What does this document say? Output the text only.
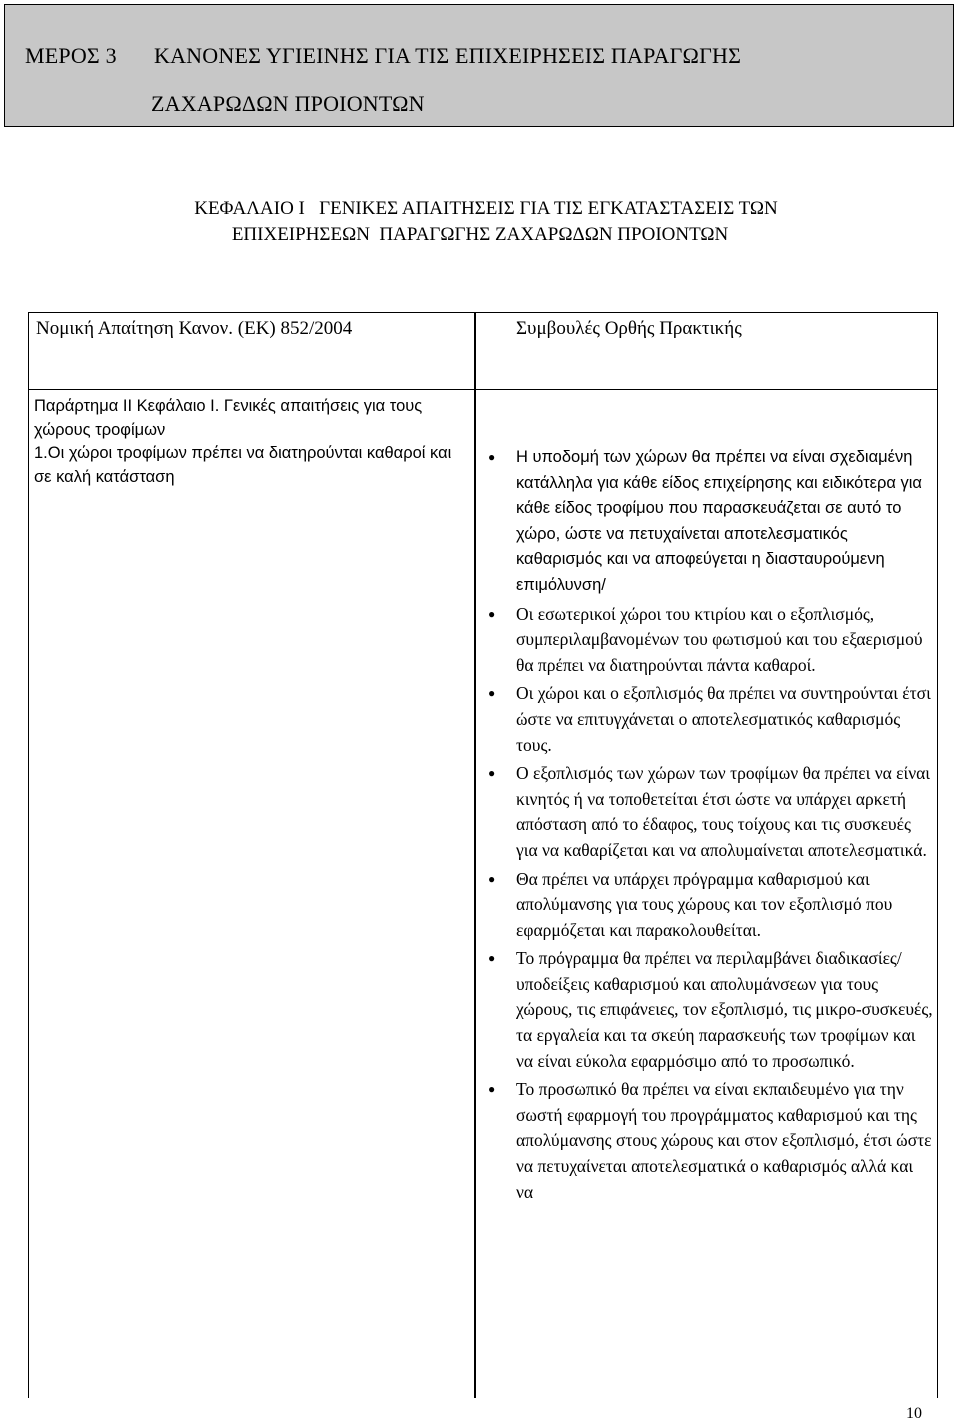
ΜΕΡΟΣ 3 ΚΑΝΟΝΕΣ ΥΓΙΕΙΝΗΣ ΓΙΑ ΤΙΣ ΕΠΙΧΕΙΡΗΣΕΙΣ ΠΑΡΑΓΩΓΗΣ
ΖΑΧΑΡΩΔΩΝ ΠΡΟΙΟΝΤΩΝ
ΚΕΦΑΛΑΙΟ Ι   ΓΕΝΙΚΕΣ ΑΠΑΙΤΗΣΕΙΣ ΓΙΑ ΤΙΣ ΕΓΚΑΤΑΣΤΑΣΕΙΣ ΤΩΝ
ΕΠΙΧΕΙΡΗΣΕΩΝ  ΠΑΡΑΓΩΓΗΣ ΖΑΧΑΡΩΔΩΝ ΠΡΟΙΟΝΤΩΝ
Νομική Απαίτηση Κανον. (ΕΚ) 852/2004	Συμβουλές Ορθής Πρακτικής
Παράρτημα ΙΙ Κεφάλαιο Ι. Γενικές απαιτήσεις για τους χώρους τροφίμων
1.Οι χώροι τροφίμων πρέπει να διατηρούνται καθαροί και σε καλή κατάσταση
● Η υποδομή των χώρων θα πρέπει να είναι σχεδιαμένη κατάλληλα για κάθε είδος επιχείρησης και ειδικότερα για κάθε είδος τροφίμου που παρασκευάζεται σε αυτό το χώρο, ώστε να πετυχαίνεται αποτελεσματικός καθαρισμός και να αποφεύγεται η διασταυρούμενη επιμόλυνση/
● Οι εσωτερικοί χώροι του κτιρίου και ο εξοπλισμός, συμπεριλαμβανομένων του φωτισμού και του εξαερισμού θα πρέπει να διατηρούνται πάντα καθαροί.
● Οι χώροι και ο εξοπλισμός θα πρέπει να συντηρούνται έτσι ώστε να επιτυγχάνεται ο αποτελεσματικός καθαρισμός τους.
● Ο εξοπλισμός των χώρων των τροφίμων θα πρέπει να είναι κινητός ή να τοποθετείται έτσι ώστε να υπάρχει αρκετή απόσταση από το έδαφος, τους τοίχους και τις συσκευές για να καθαρίζεται και να απολυμαίνεται αποτελεσματικά.
● Θα πρέπει να υπάρχει πρόγραμμα καθαρισμού και απολύμανσης για τους χώρους και τον εξοπλισμό που εφαρμόζεται και παρακολουθείται.
● Το πρόγραμμα θα πρέπει να περιλαμβάνει διαδικασίες/ υποδείξεις καθαρισμού και απολυμάνσεων για τους χώρους, τις επιφάνειες, τον εξοπλισμό, τις μικρο-συσκευές, τα εργαλεία και τα σκεύη παρασκευής των τροφίμων και να είναι εύκολα εφαρμόσιμο από το προσωπικό.
● Το προσωπικό θα πρέπει να είναι εκπαιδευμένο για την σωστή εφαρμογή του προγράμματος καθαρισμού και της απολύμανσης στους χώρους και στον εξοπλισμό, έτσι ώστε να πετυχαίνεται αποτελεσματικά ο καθαρισμός αλλά και να
10
